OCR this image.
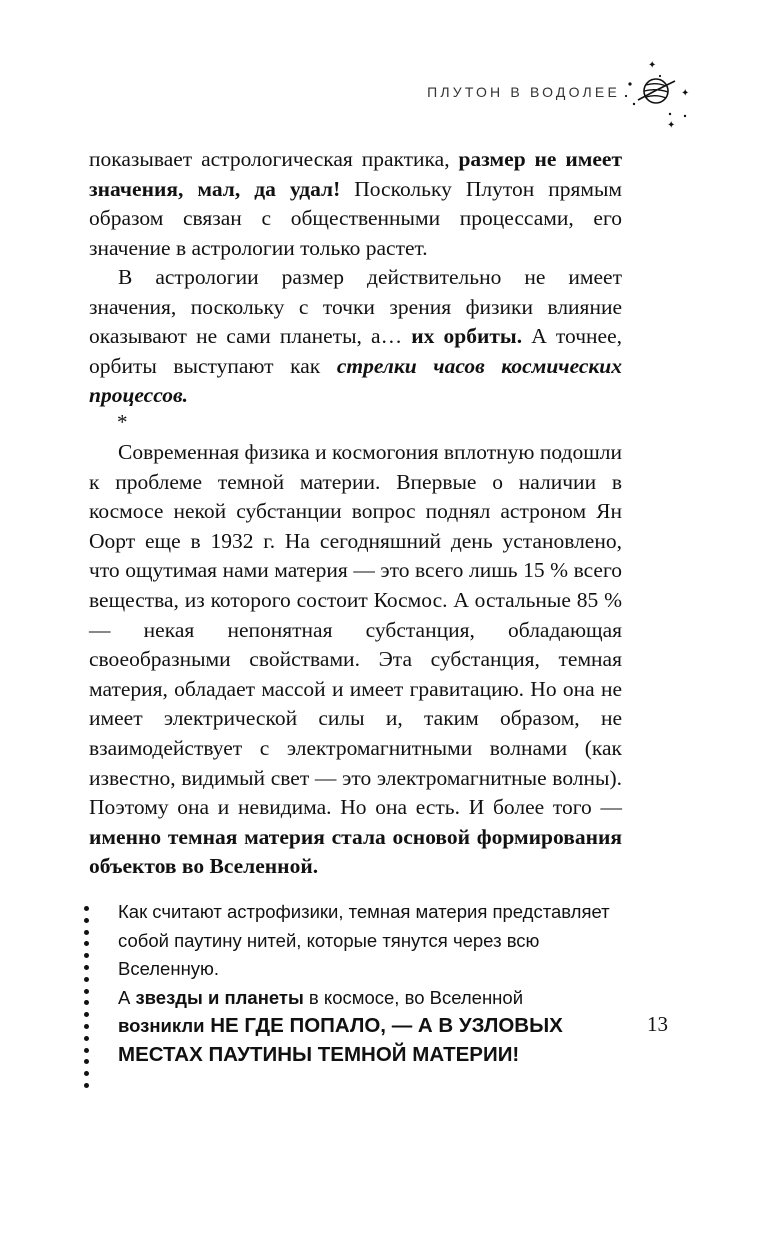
ПЛУТОН В ВОДОЛЕЕ
✦
✦
✦

показывает астрологическая практика, размер не имеет значения, мал, да удал! Поскольку Плутон прямым образом связан с общественными процессами, его значение в астрологии только растет.

В астрологии размер действительно не имеет значения, поскольку с точки зрения физики влияние оказывают не сами планеты, а… их орбиты. А точнее, орбиты выступают как стрелки часов космических процессов.

*

Современная физика и космогония вплотную подошли к проблеме темной материи. Впервые о наличии в космосе некой субстанции вопрос поднял астроном Ян Оорт еще в 1932 г. На сегодняшний день установлено, что ощутимая нами материя — это всего лишь 15 % всего вещества, из которого состоит Космос. А остальные 85 % — некая непонятная субстанция, обладающая своеобразными свойствами. Эта субстанция, темная материя, обладает массой и имеет гравитацию. Но она не имеет электрической силы и, таким образом, не взаимодействует с электромагнитными волнами (как известно, видимый свет — это электромагнитные волны). Поэтому она и невидима. Но она есть. И более того — именно темная материя стала основой формирования объектов во Вселенной.

Как считают астрофизики, темная материя представляет собой паутину нитей, которые тянутся через всю Вселенную.
А звезды и планеты в космосе, во Вселенной
возникли НЕ ГДЕ ПОПАЛО, — А В УЗЛОВЫХ МЕСТАХ ПАУТИНЫ ТЕМНОЙ МАТЕРИИ!
13
